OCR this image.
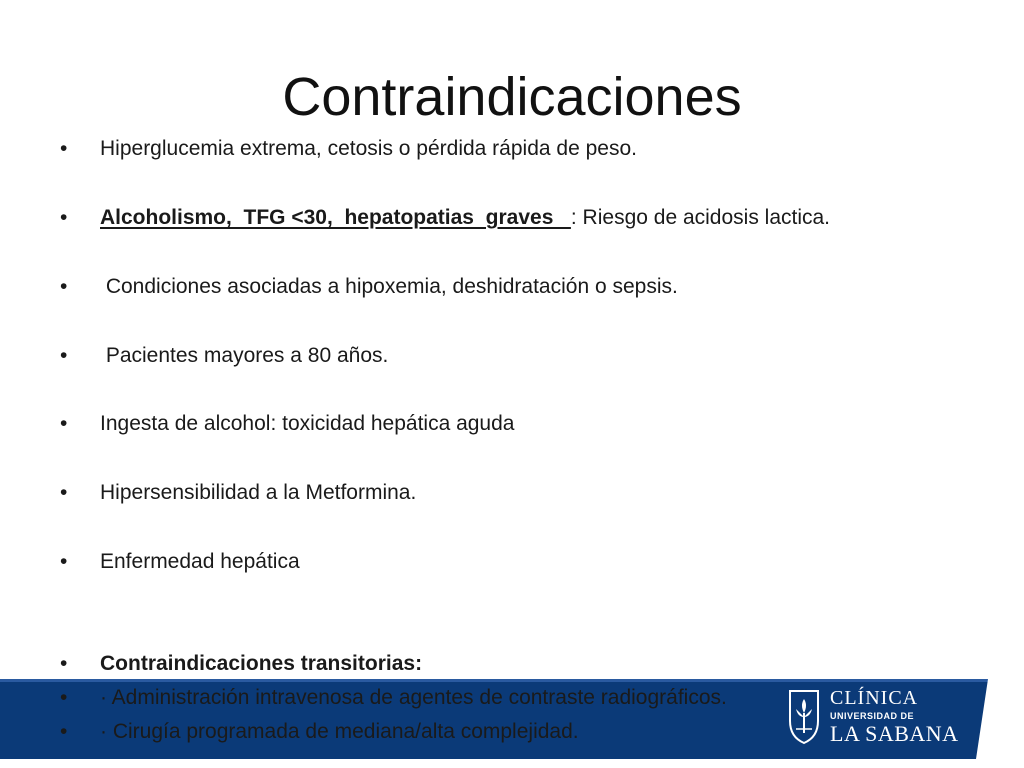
CLÍNICA
UNIVERSIDAD DE
LA SABANA
Contraindicaciones
•	Hiperglucemia extrema, cetosis o pérdida rápida de peso.
•	Alcoholismo,  TFG <30,  hepatopatias  graves   : Riesgo de acidosis lactica.
•	Condiciones asociadas a hipoxemia, deshidratación o sepsis.
•	Pacientes mayores a 80 años.
•	Ingesta de alcohol: toxicidad hepática aguda
•	Hipersensibilidad a la Metformina.
•	Enfermedad hepática
•	Contraindicaciones transitorias:
•	· Administración intravenosa de agentes de contraste radiográficos.
•	· Cirugía programada de mediana/alta complejidad.
